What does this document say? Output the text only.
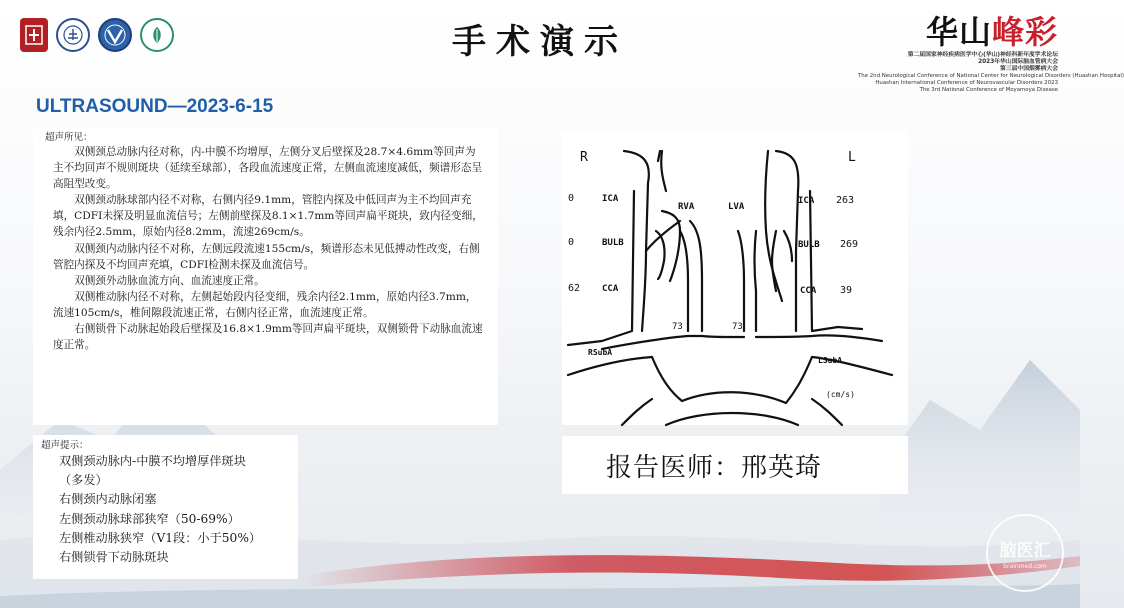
手术演示	华山峰彩
第二届国家神经疾病医学中心(华山)神经科新年度学术论坛
2023年华山国际脑血管病大会
第三届中国烟雾病大会
The 2nd Neurological Conference of National Center for Neurological Disorders (Huashan Hospital)
Huashan International Conference of Neurovascular Disorders 2023
The 3rd National Conference of Moyamoya Disease
ULTRASOUND—2023-6-15
超声所见：

双侧颈总动脉内径对称，内-中膜不均增厚，左侧分叉后壁探及28.7×4.6mm等回声为主不均回声不规则斑块（延续至球部），各段血流速度正常，左侧血流速度减低，频谱形态呈高阻型改变。

双侧颈动脉球部内径不对称，右侧内径9.1mm，管腔内探及中低回声为主不均回声充填，CDFI未探及明显血流信号；左侧前壁探及8.1×1.7mm等回声扁平斑块，致内径变细，残余内径2.5mm，原始内径8.2mm，流速269cm/s。

双侧颈内动脉内径不对称，左侧远段流速155cm/s，频谱形态未见低搏动性改变，右侧管腔内探及不均回声充填，CDFI检测未探及血流信号。

双侧颈外动脉血流方向、血流速度正常。

双侧椎动脉内径不对称，左侧起始段内径变细，残余内径2.1mm，原始内径3.7mm，流速105cm/s，椎间隙段流速正常，右侧内径正常，血流速度正常。

右侧锁骨下动脉起始段后壁探及16.8×1.9mm等回声扁平斑块，双侧锁骨下动脉血流速度正常。

超声提示：
双侧颈动脉内-中膜不均增厚伴斑块
（多发）
右侧颈内动脉闭塞
左侧颈动脉球部狭窄（50-69%）
左侧椎动脉狭窄（V1段：小于50%）
右侧锁骨下动脉斑块
R	L
0	ICA	ICA 263
0	BULB	BULB 269
62 CCA	CCA 39
RVA	LVA
73	73
RSubA
LSubA
(cm/s)
报告医师：邢英琦
脑医汇
brainmed.com
